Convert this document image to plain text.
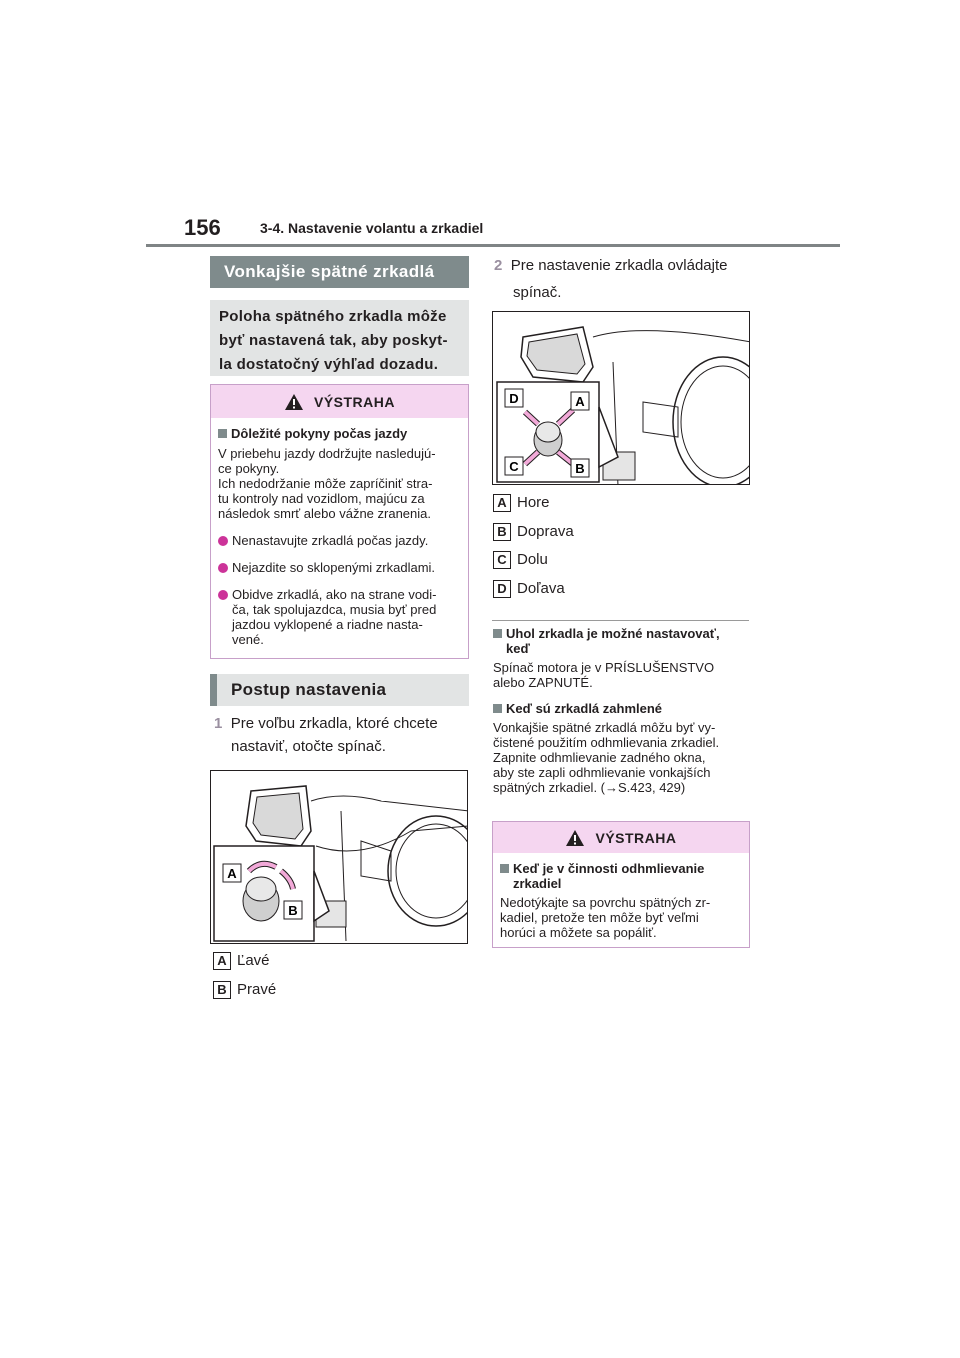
156	3-4. Nastavenie volantu a zrkadiel
Vonkajšie spätné zrkadlá
Poloha spätného zrkadla môže
byť nastavená tak, aby poskyt-
la dostatočný výhľad dozadu.
VÝSTRAHA
Dôležité pokyny počas jazdy
V priebehu jazdy dodržujte nasledujú-
ce pokyny.
Ich nedodržanie môže zapríčiniť stra-
tu kontroly nad vozidlom, majúcu za
následok smrť alebo vážne zranenia.
Nenastavujte zrkadlá počas jazdy.
Nejazdite so sklopenými zrkadlami.
Obidve zrkadlá, ako na strane vodi-
ča, tak spolujazdca, musia byť pred
jazdou vyklopené a riadne nasta-
vené.
Postup nastavenia
1 Pre voľbu zrkadla, ktoré chcete
nastaviť, otočte spínač.
A
B
A Ľavé
B Pravé
2 Pre nastavenie zrkadla ovládajte
spínač.
D	A
C	B
A Hore
B Doprava
C Dolu
D Doľava
Uhol zrkadla je možné nastavovať,
keď
Spínač motora je v PRÍSLUŠENSTVO
alebo ZAPNUTÉ.
Keď sú zrkadlá zahmlené
Vonkajšie spätné zrkadlá môžu byť vy-
čistené použitím odhmlievania zrkadiel.
Zapnite odhmlievanie zadného okna,
aby ste zapli odhmlievanie vonkajších
spätných zrkadiel. (→S.423, 429)
VÝSTRAHA
Keď je v činnosti odhmlievanie
zrkadiel
Nedotýkajte sa povrchu spätných zr-
kadiel, pretože ten môže byť veľmi
horúci a môžete sa popáliť.
